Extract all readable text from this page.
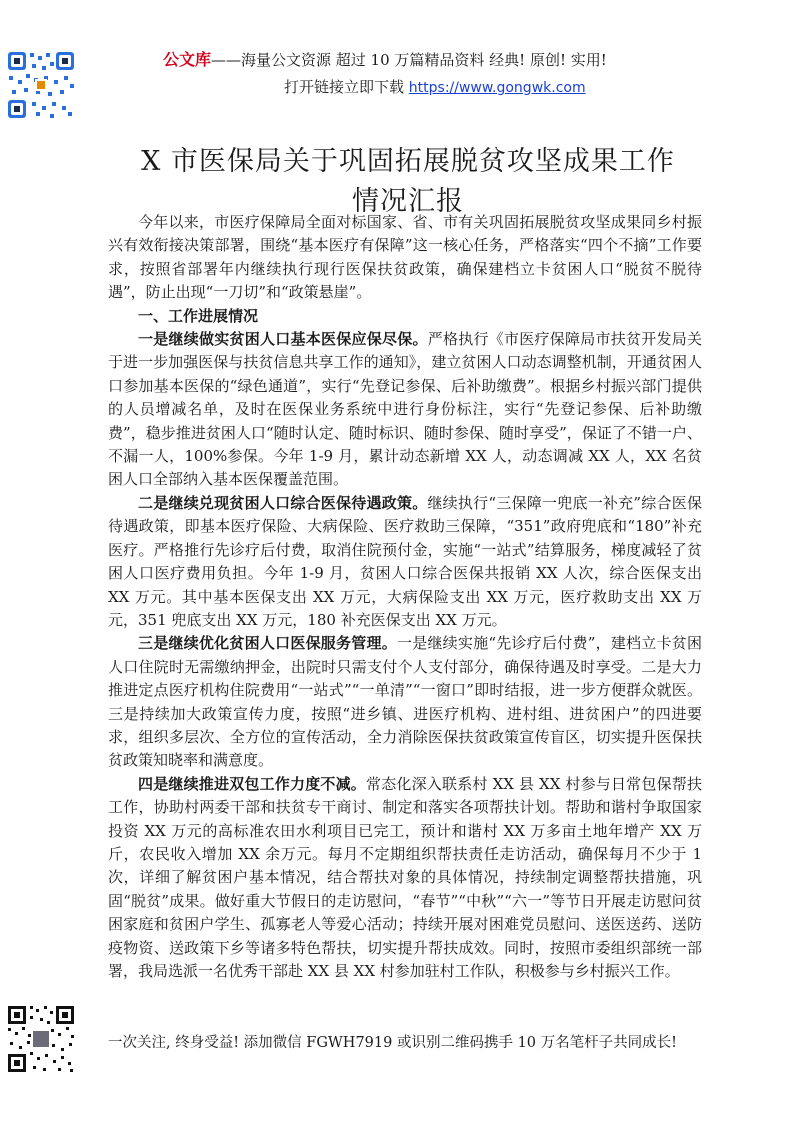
公文库——海量公文资源 超过 10 万篇精品资料 经典! 原创! 实用!
打开链接立即下载 https://www.gongwk.com
X 市医保局关于巩固拓展脱贫攻坚成果工作
情况汇报

今年以来，市医疗保障局全面对标国家、省、市有关巩固拓展脱贫攻坚成果同乡村振兴有效衔接决策部署，围绕“基本医疗有保障”这一核心任务，严格落实“四个不摘”工作要求，按照省部署年内继续执行现行医保扶贫政策，确保建档立卡贫困人口“脱贫不脱待遇”，防止出现“一刀切”和“政策悬崖”。

一、工作进展情况

一是继续做实贫困人口基本医保应保尽保。严格执行《市医疗保障局市扶贫开发局关于进一步加强医保与扶贫信息共享工作的通知》，建立贫困人口动态调整机制，开通贫困人口参加基本医保的“绿色通道”，实行“先登记参保、后补助缴费”。根据乡村振兴部门提供的人员增减名单，及时在医保业务系统中进行身份标注，实行“先登记参保、后补助缴费”，稳步推进贫困人口“随时认定、随时标识、随时参保、随时享受”，保证了不错一户、不漏一人，100%参保。今年 1-9 月，累计动态新增 XX 人，动态调减 XX 人，XX 名贫困人口全部纳入基本医保覆盖范围。

二是继续兑现贫困人口综合医保待遇政策。继续执行“三保障一兜底一补充”综合医保待遇政策，即基本医疗保险、大病保险、医疗救助三保障，“351”政府兜底和“180”补充医疗。严格推行先诊疗后付费，取消住院预付金，实施“一站式”结算服务，梯度减轻了贫困人口医疗费用负担。今年 1-9 月，贫困人口综合医保共报销 XX 人次，综合医保支出 XX 万元。其中基本医保支出 XX 万元，大病保险支出 XX 万元，医疗救助支出 XX 万元，351 兜底支出 XX 万元，180 补充医保支出 XX 万元。

三是继续优化贫困人口医保服务管理。一是继续实施“先诊疗后付费”，建档立卡贫困人口住院时无需缴纳押金，出院时只需支付个人支付部分，确保待遇及时享受。二是大力推进定点医疗机构住院费用“一站式”“一单清”“一窗口”即时结报，进一步方便群众就医。三是持续加大政策宣传力度，按照“进乡镇、进医疗机构、进村组、进贫困户”的四进要求，组织多层次、全方位的宣传活动，全力消除医保扶贫政策宣传盲区，切实提升医保扶贫政策知晓率和满意度。

四是继续推进双包工作力度不减。常态化深入联系村 XX 县 XX 村参与日常包保帮扶工作，协助村两委干部和扶贫专干商讨、制定和落实各项帮扶计划。帮助和谐村争取国家投资 XX 万元的高标准农田水利项目已完工，预计和谐村 XX 万多亩土地年增产 XX 万斤，农民收入增加 XX 余万元。每月不定期组织帮扶责任走访活动，确保每月不少于 1 次，详细了解贫困户基本情况，结合帮扶对象的具体情况，持续制定调整帮扶措施，巩固“脱贫”成果。做好重大节假日的走访慰问，“春节”“中秋”“六一”等节日开展走访慰问贫困家庭和贫困户学生、孤寡老人等爱心活动；持续开展对困难党员慰问、送医送药、送防疫物资、送政策下乡等诸多特色帮扶，切实提升帮扶成效。同时，按照市委组织部统一部署，我局选派一名优秀干部赴 XX 县 XX 村参加驻村工作队，积极参与乡村振兴工作。

一次关注, 终身受益! 添加微信 FGWH7919 或识别二维码携手 10 万名笔杆子共同成长!
